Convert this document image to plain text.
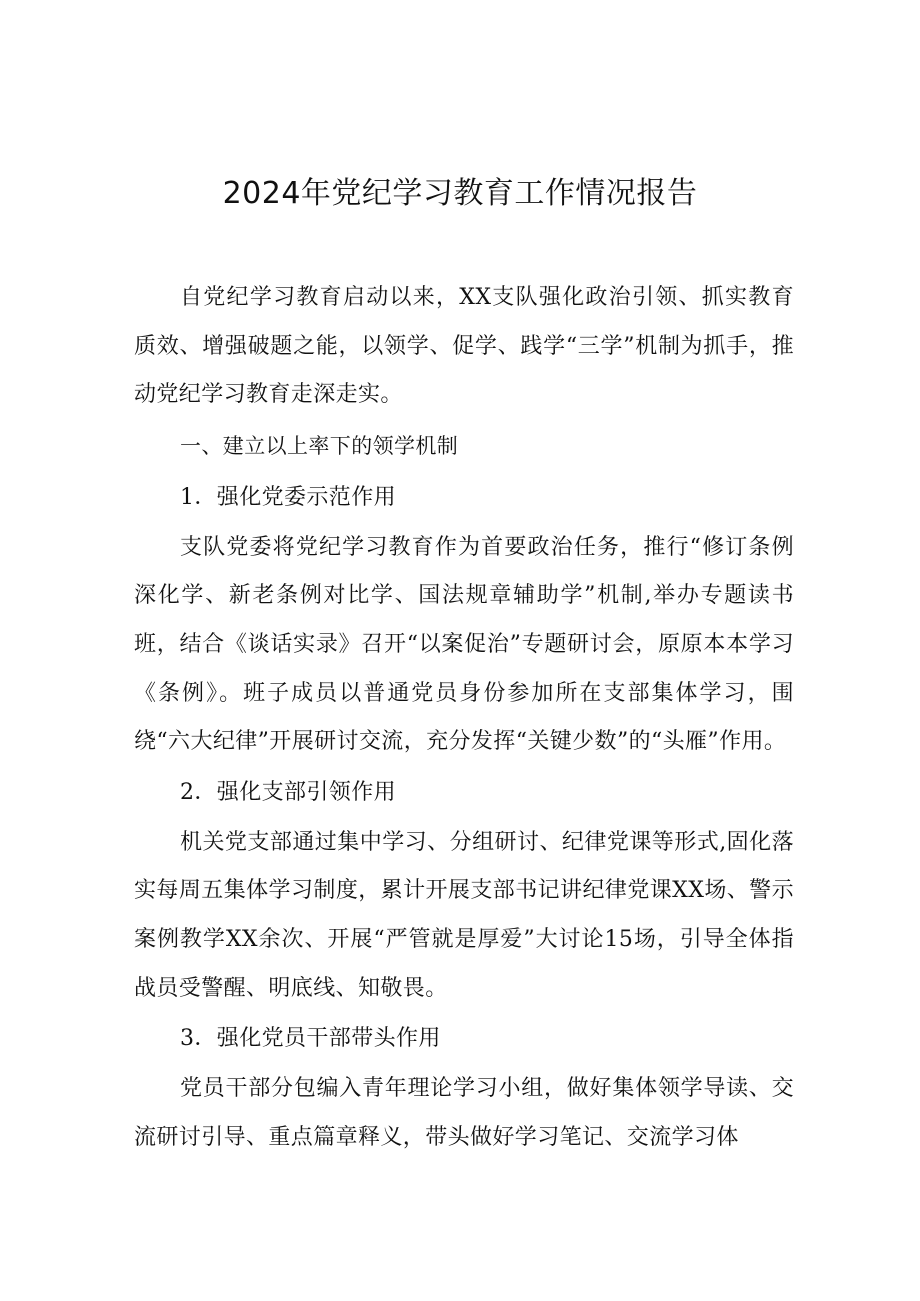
2024年党纪学习教育工作情况报告

自党纪学习教育启动以来，XX支队强化政治引领、抓实教育质效、增强破题之能，以领学、促学、践学“三学”机制为抓手，推动党纪学习教育走深走实。

一、建立以上率下的领学机制

1．强化党委示范作用

支队党委将党纪学习教育作为首要政治任务，推行“修订条例深化学、新老条例对比学、国法规章辅助学”机制,举办专题读书班，结合《谈话实录》召开“以案促治”专题研讨会，原原本本学习《条例》。班子成员以普通党员身份参加所在支部集体学习，围绕“六大纪律”开展研讨交流，充分发挥“关键少数”的“头雁”作用。

2．强化支部引领作用

机关党支部通过集中学习、分组研讨、纪律党课等形式,固化落实每周五集体学习制度，累计开展支部书记讲纪律党课XX场、警示案例教学XX余次、开展“严管就是厚爱”大讨论15场，引导全体指战员受警醒、明底线、知敬畏。

3．强化党员干部带头作用

党员干部分包编入青年理论学习小组，做好集体领学导读、交流研讨引导、重点篇章释义，带头做好学习笔记、交流学习体
